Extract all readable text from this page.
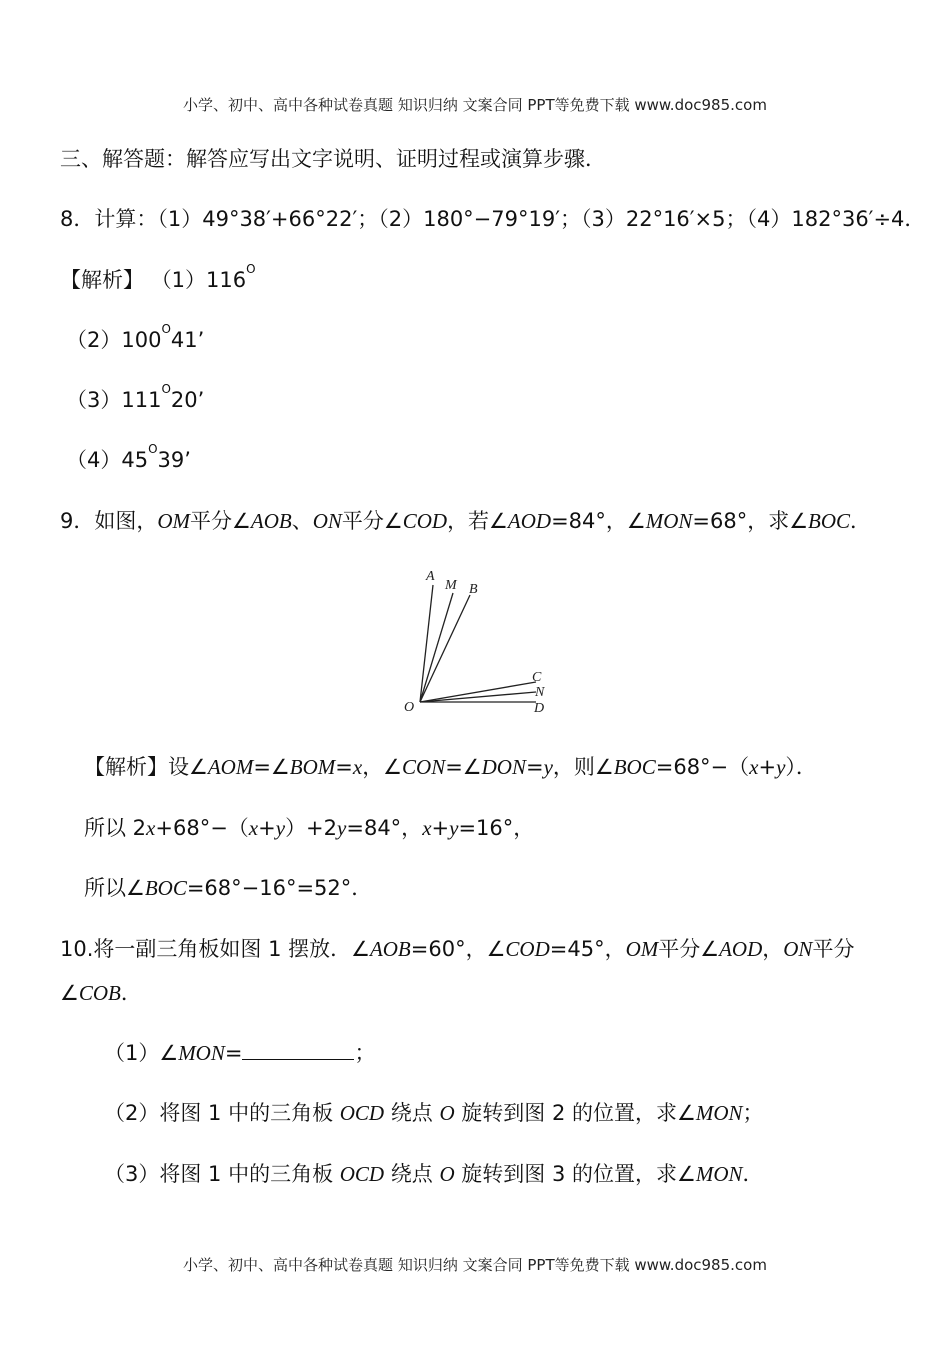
小学、初中、高中各种试卷真题 知识归纳 文案合同 PPT等免费下载 www.doc985.com
三、解答题：解答应写出文字说明、证明过程或演算步骤．
8．计算：（1）49°38′+66°22′；（2）180°−79°19′；（3）22°16′×5；（4）182°36′÷4．
【解析】 $(1)116^O$
$(2)100^O41$’
$(3)111^O20$’
$(4)45^O39$’
9．如图，OM平分∠AOB、ON平分∠COD，若∠AOD=84°，∠MON=68°，求∠BOC．
A
M B
C
N
D
O
【解析】设∠AOM=∠BOM=x，∠CON=∠DON=y，则∠BOC=68°−（x+y）．
所以 2x+68°−（x+y）+2y=84°，x+y=16°，
所以∠BOC=68°−16°=52°．
10.将一副三角板如图 1 摆放．∠AOB=60°，∠COD=45°，OM平分∠AOD，ON平分
∠COB．
（1）∠MON=	；
（2）将图 1 中的三角板 OCD 绕点 O 旋转到图 2 的位置，求∠MON；
（3）将图 1 中的三角板 OCD 绕点 O 旋转到图 3 的位置，求∠MON．
小学、初中、高中各种试卷真题 知识归纳 文案合同 PPT等免费下载 www.doc985.com
